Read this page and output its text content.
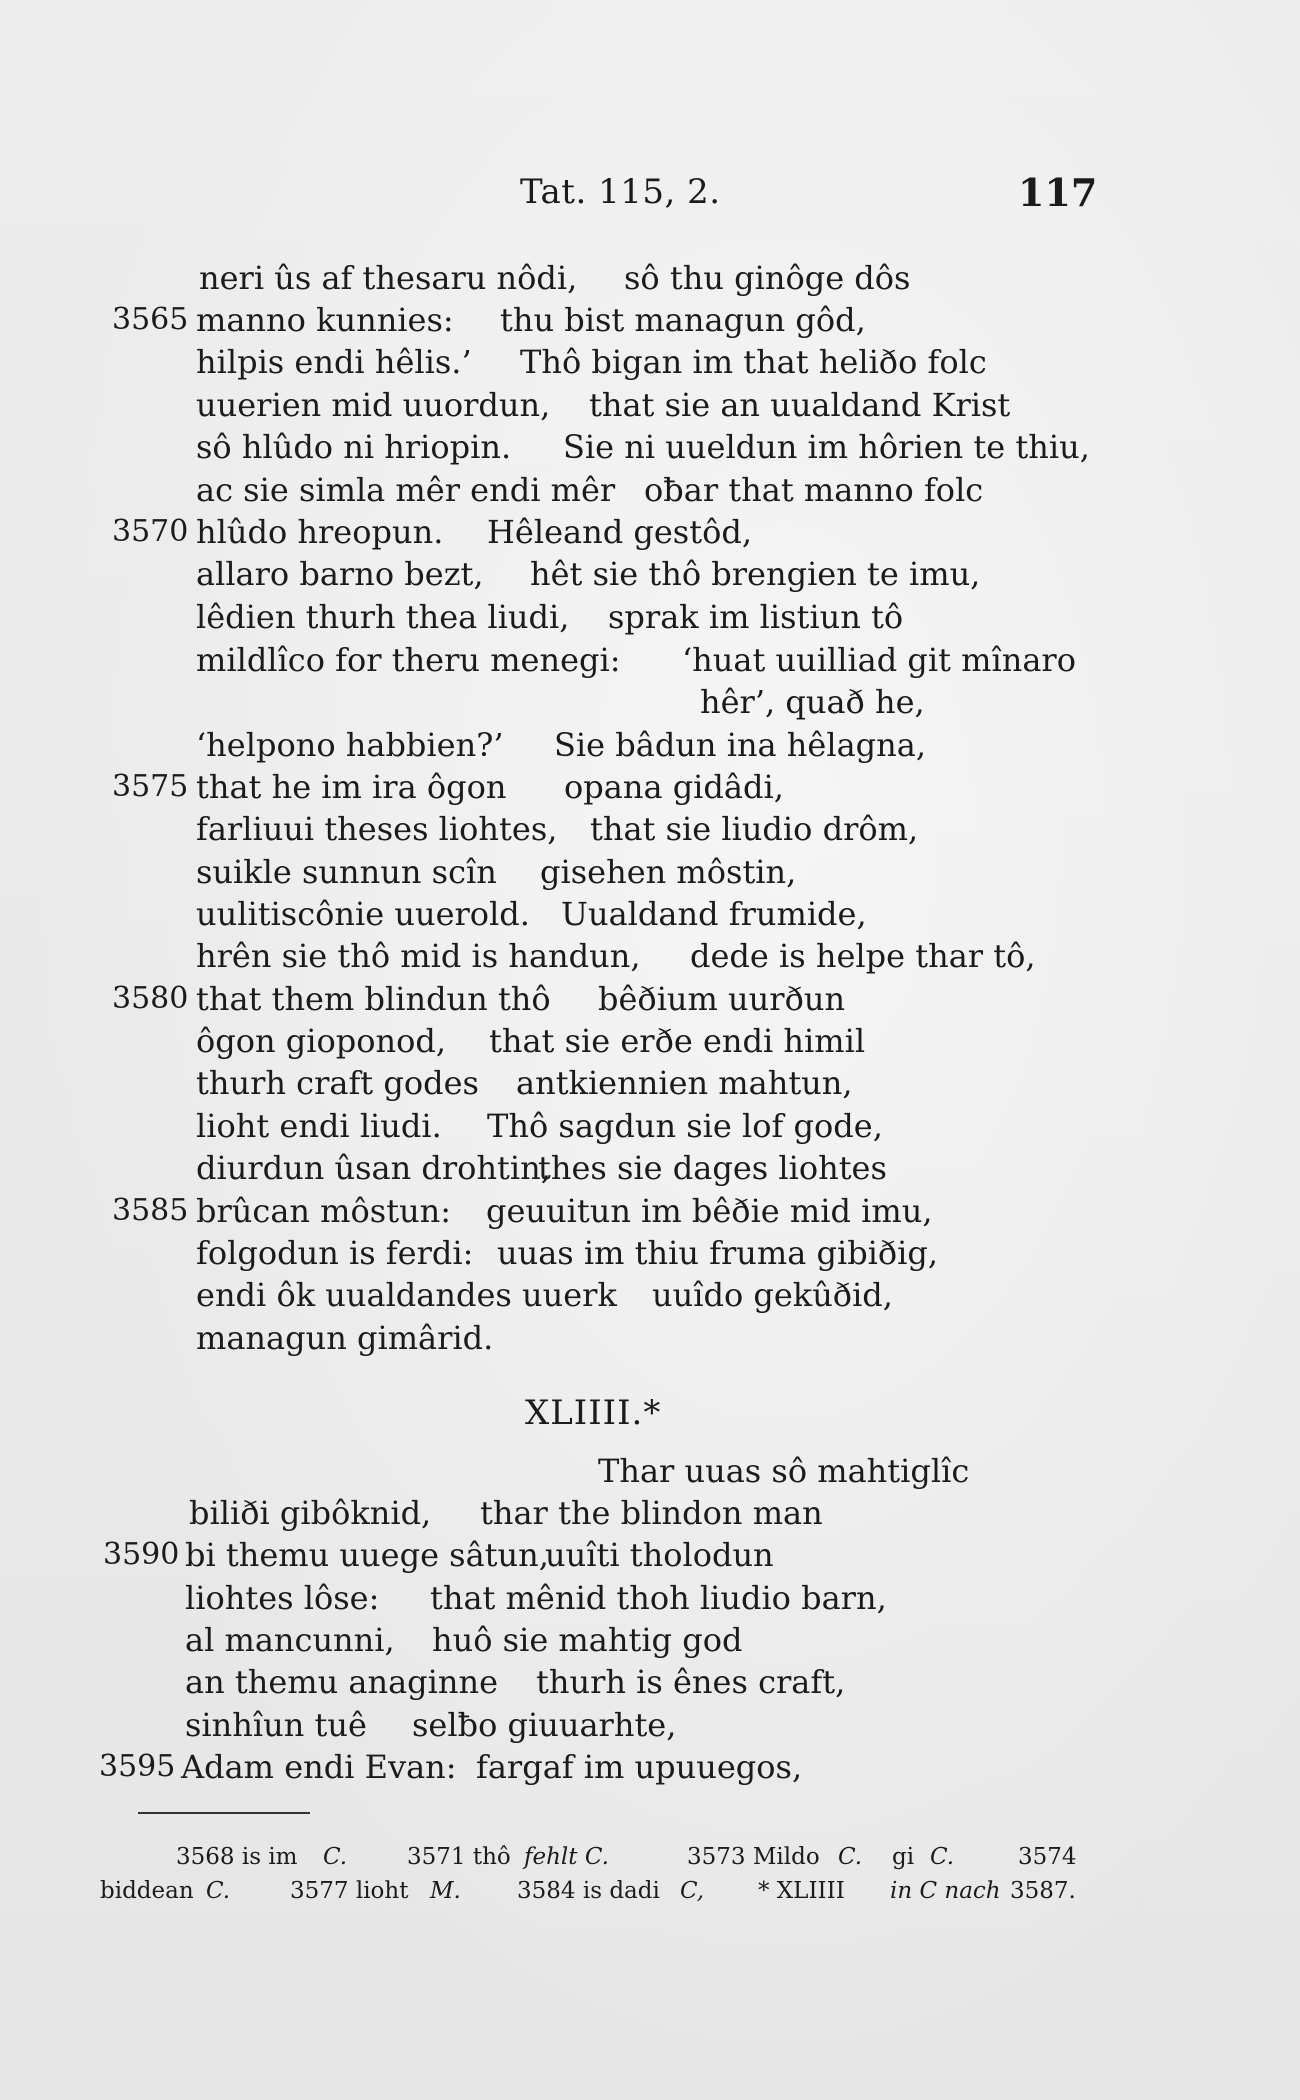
Tat. 115, 2.	117
neri ûs af thesaru nôdi, sô thu ginôge dôs
3565 manno kunnies: thu bist managun gôd,
hilpis endi hêlis.’ Thô bigan im that heliðo folc
uuerien mid uuordun, that sie an uualdand Krist
sô hlûdo ni hriopin. Sie ni uueldun im hôrien te thiu,
ac sie simla mêr endi mêr oƀar that manno folc
3570 hlûdo hreopun. Hêleand gestôd,
allaro barno bezt, hêt sie thô brengien te imu,
lêdien thurh thea liudi, sprak im listiun tô
mildlîco for theru menegi: ‘huat uuilliad git mînaro
hêr’, quað he,
‘helpono habbien?’ Sie bâdun ina hêlagna,
3575 that he im ira ôgon opana gidâdi,
farliuui theses liohtes, that sie liudio drôm,
suikle sunnun scîn gisehen môstin,
uulitiscônie uuerold. Uualdand frumide,
hrên sie thô mid is handun, dede is helpe thar tô,
3580 that them blindun thô bêðium uurðun
ôgon gioponod, that sie erðe endi himil
thurh craft godes antkiennien mahtun,
lioht endi liudi. Thô sagdun sie lof gode,
diurdun ûsan drohtin,
thes sie dages liohtes
3585 brûcan môstun: geuuitun im bêðie mid imu,
folgodun is ferdi: uuas im thiu fruma gibiðig,
endi ôk uualdandes uuerk uuîdo gekûðid,
managun gimârid.
XLIIII.*
Thar uuas sô mahtiglîc
biliði gibôknid, thar the blindon man
3590 bi themu uuege sâtun,
uuîti tholodun
liohtes lôse: that mênid thoh liudio barn,
al mancunni, huô sie mahtig god
an themu anaginne thurh is ênes craft,
sinhîun tuê selƀo giuuarhte,
3595 Adam endi Evan: fargaf im upuuegos,
3568 is im C.	3571 thô fehlt C.	3573 Mildo C. gi C.	3574
biddean C.	3577 lioht M. 3584 is dadi C, * XLIIII in C nach 3587.
